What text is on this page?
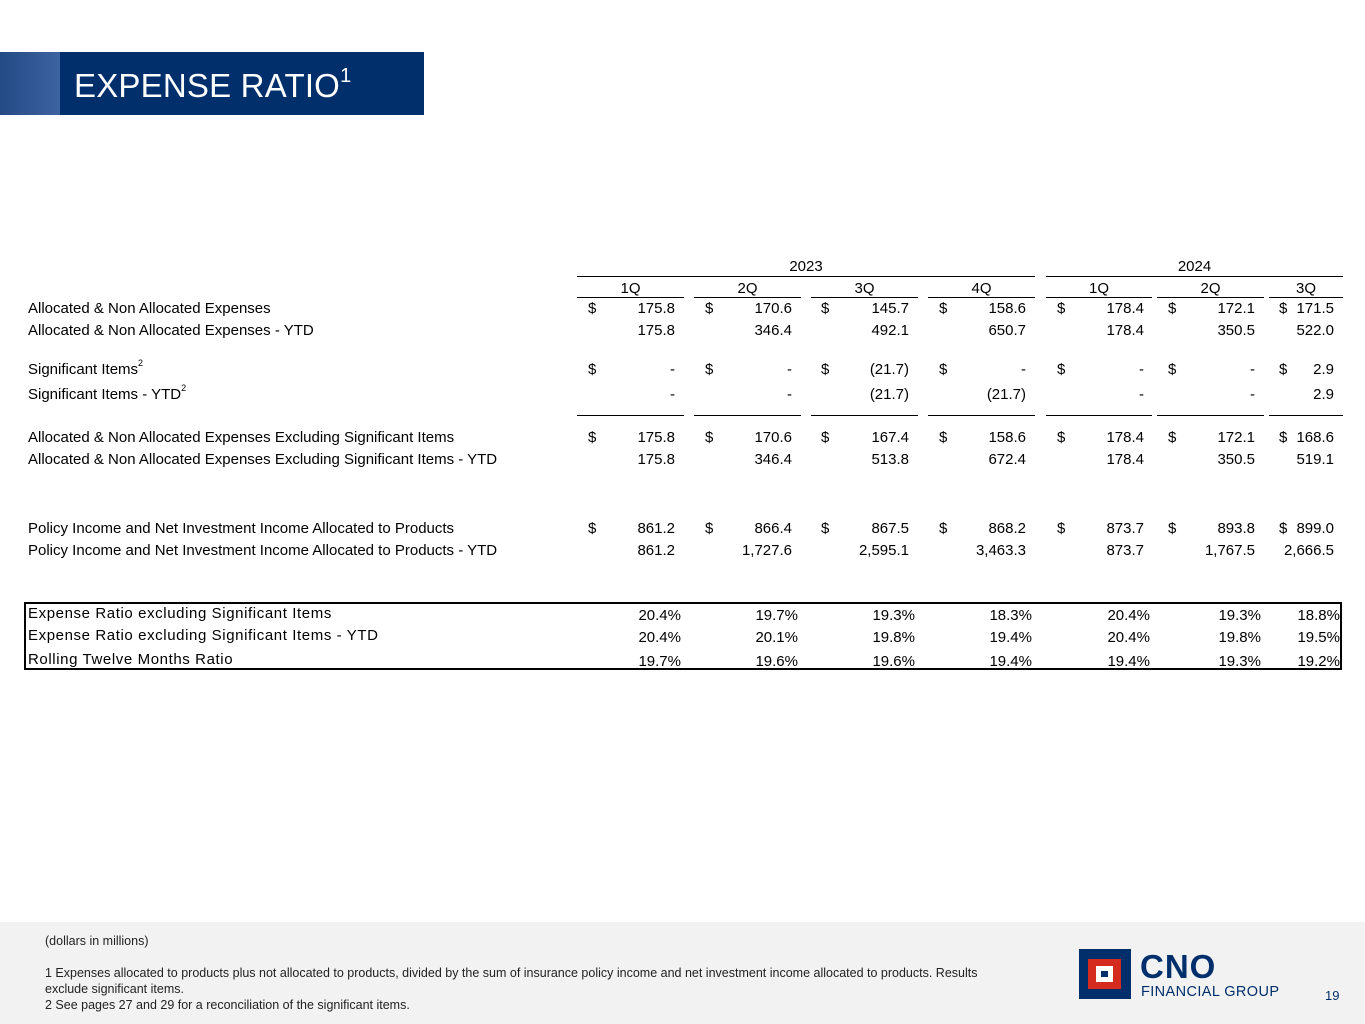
EXPENSE RATIO$^1$
2023	2024
1Q	2Q	3Q	4Q	1Q	2Q	3Q
Allocated & Non Allocated Expenses	$	175.8 $	170.6 $	145.7 $	158.6 $	178.4 $	172.1 $ 171.5
Allocated & Non Allocated Expenses - YTD	175.8	346.4	492.1	650.7	178.4	350.5	522.0
Significant Items$^2$	$	- $	- $	(21.7) $	- $	- $	- $	2.9
Significant Items - YTD$^2$	-	-	(21.7)	(21.7)	-	-	2.9
Allocated & Non Allocated Expenses Excluding Significant Items	$	175.8 $	170.6 $	167.4 $	158.6 $	178.4 $	172.1 $ 168.6
Allocated & Non Allocated Expenses Excluding Significant Items - YTD	175.8	346.4	513.8	672.4	178.4	350.5	519.1
Policy Income and Net Investment Income Allocated to Products	$	861.2 $	866.4 $	867.5 $	868.2 $	873.7 $	893.8 $ 899.0
Policy Income and Net Investment Income Allocated to Products - YTD	861.2	1,727.6	2,595.1	3,463.3	873.7	1,767.5	2,666.5
Expense Ratio excluding Significant Items	20.4%	19.7%	19.3%	18.3%	20.4%	19.3%	18.8%
Expense Ratio excluding Significant Items - YTD	20.4%	20.1%	19.8%	19.4%	20.4%	19.8%	19.5%
Rolling Twelve Months Ratio	19.7%	19.6%	19.6%	19.4%	19.4%	19.3%	19.2%
(dollars in millions)
1 Expenses allocated to products plus not allocated to products, divided by the sum of insurance policy income and net investment income allocated to products. Results
exclude significant items.
2 See pages 27 and 29 for a reconciliation of the significant items.
CNO
FINANCIAL GROUP	19
